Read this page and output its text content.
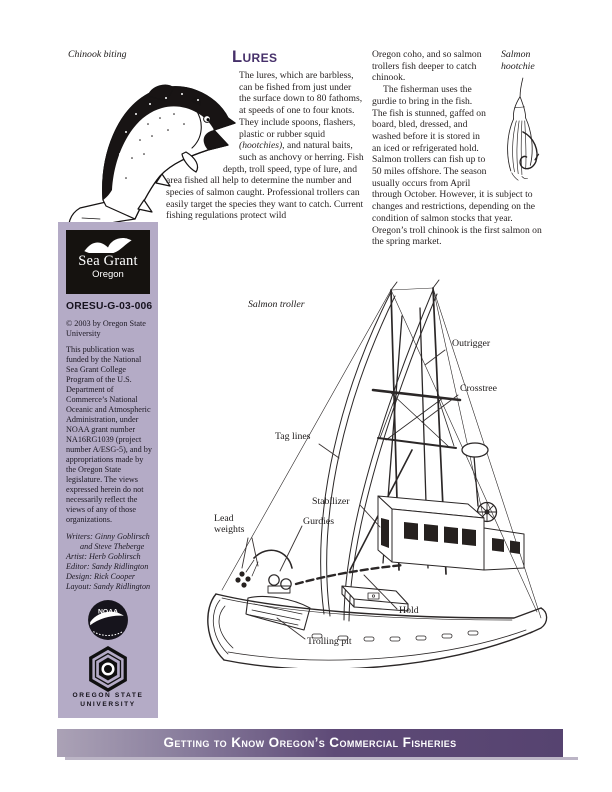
Chinook biting	Lures

The lures, which are barbless, can be fished from just under the surface down to 80 fathoms, at speeds of one to four knots. They include spoons, flashers, plastic or rubber squid (hootchies), and natural baits, such as anchovy or herring. Fish depth, troll speed, type of lure, and area fished all help to determine the number and species of salmon caught. Professional trollers can easily target the species they want to catch. Current fishing regulations protect wild

Salmon hootchie

Oregon coho, and so salmon trollers fish deeper to catch chinook.

The fisherman uses the gurdie to bring in the fish. The fish is stunned, gaffed on board, bled, dressed, and washed before it is stored in an iced or refrigerated hold. Salmon trollers can fish up to 50 miles offshore. The season usually occurs from April through October. However, it is subject to changes and restrictions, depending on the condition of salmon stocks that year. Oregon’s troll chinook is the first salmon on the spring market.

Sea Grant
Oregon
ORESU-G-03-006
© 2003 by Oregon State University
This publication was funded by the National Sea Grant College Program of the U.S. Department of Commerce’s National Oceanic and Atmospheric Administration, under NOAA grant number NA16RG1039 (project number A/ESG-5), and by appropriations made by the Oregon State legislature. The views expressed herein do not necessarily reflect the views of any of those organizations.
Writers: Ginny Goblirsch
and Steve Theberge
Artist: Herb Goblirsch
Editor: Sandy Ridlington
Design: Rick Cooper
Layout: Sandy Ridlington
NOAA
OREGON STATE
UNIVERSITY
Salmon troller
Outrigger
Crosstree
Tag lines
Stabilizer
Gurdies
Lead weights
Hold
Trolling pit
Getting to Know Oregon’s Commercial Fisheries
